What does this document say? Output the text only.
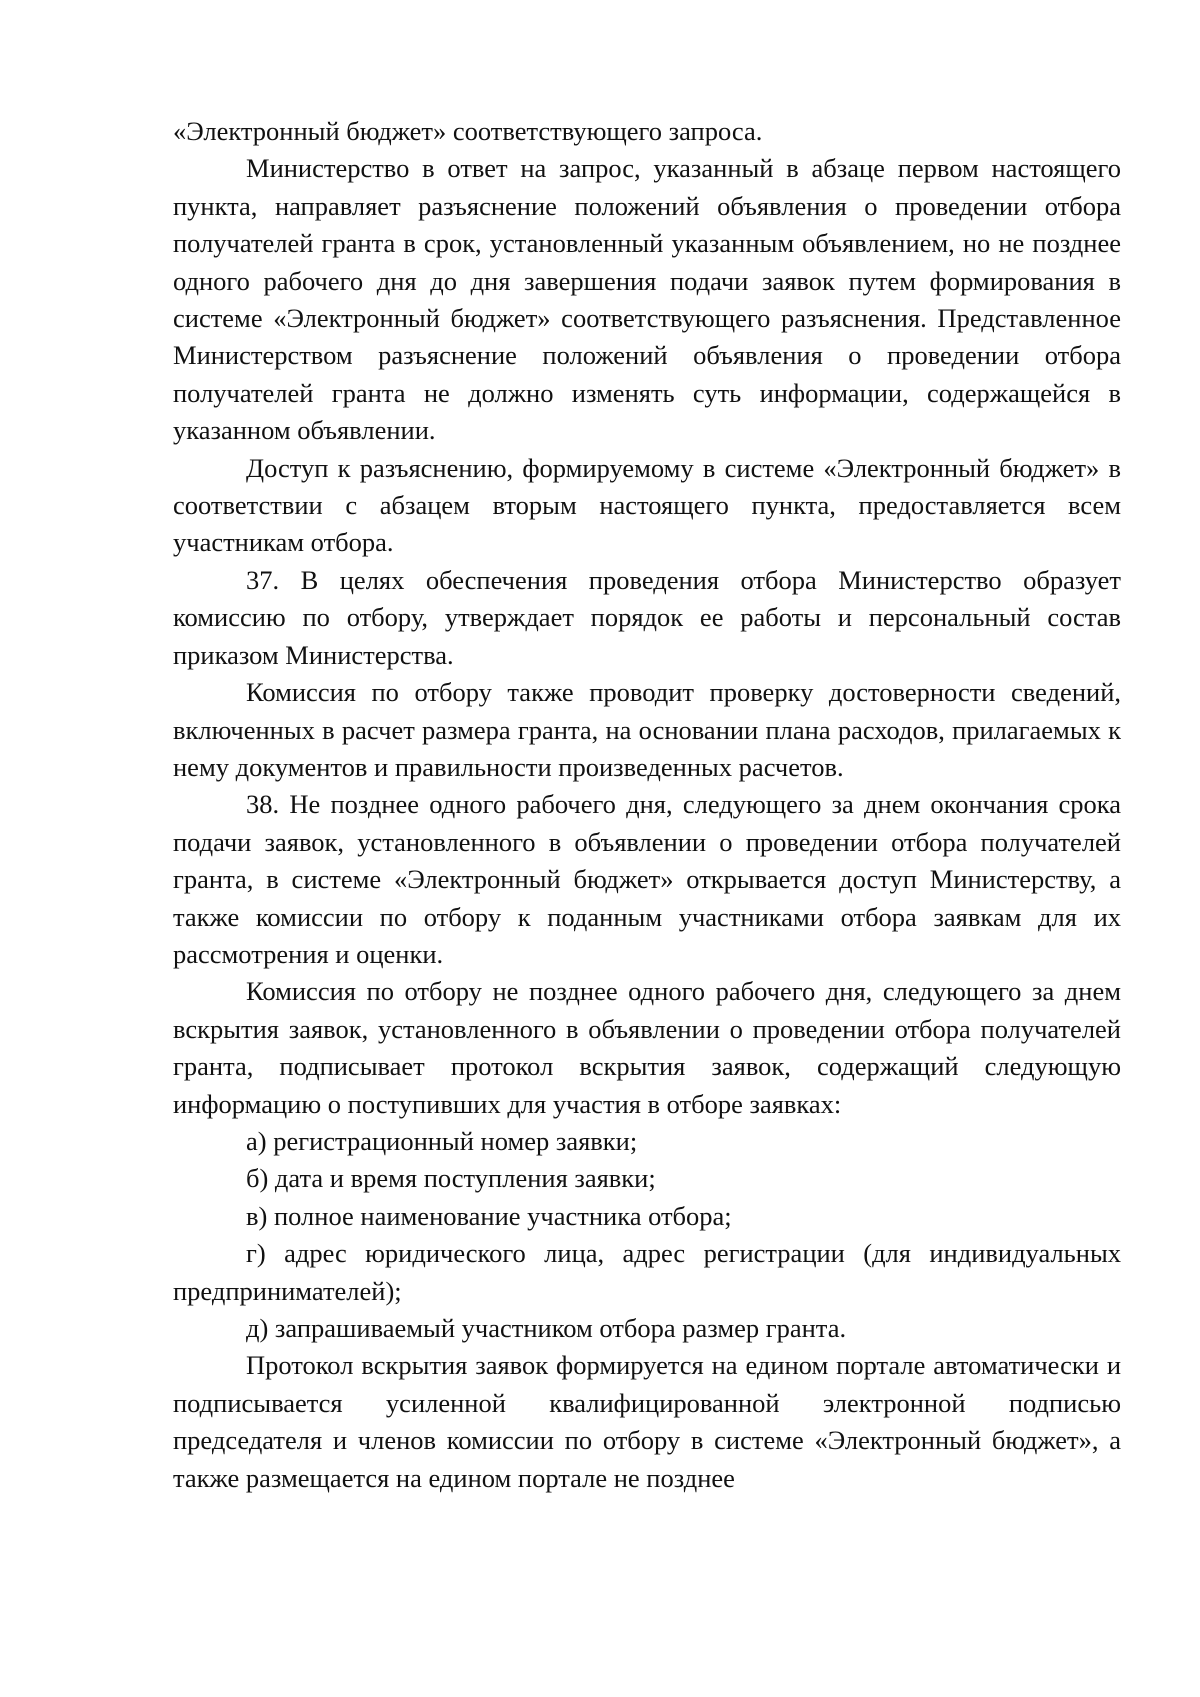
«Электронный бюджет» соответствующего запроса.

Министерство в ответ на запрос, указанный в абзаце первом настоящего пункта, направляет разъяснение положений объявления о проведении отбора получателей гранта в срок, установленный указанным объявлением, но не позднее одного рабочего дня до дня завершения подачи заявок путем формирования в системе «Электронный бюджет» соответствующего разъяснения. Представленное Министерством разъяснение положений объявления о проведении отбора получателей гранта не должно изменять суть информации, содержащейся в указанном объявлении.

Доступ к разъяснению, формируемому в системе «Электронный бюджет» в соответствии с абзацем вторым настоящего пункта, предоставляется всем участникам отбора.

37. В целях обеспечения проведения отбора Министерство образует комиссию по отбору, утверждает порядок ее работы и персональный состав приказом Министерства.

Комиссия по отбору также проводит проверку достоверности сведений, включенных в расчет размера гранта, на основании плана расходов, прилагаемых к нему документов и правильности произведенных расчетов.

38. Не позднее одного рабочего дня, следующего за днем окончания срока подачи заявок, установленного в объявлении о проведении отбора получателей гранта, в системе «Электронный бюджет» открывается доступ Министерству, а также комиссии по отбору к поданным участниками отбора заявкам для их рассмотрения и оценки.

Комиссия по отбору не позднее одного рабочего дня, следующего за днем вскрытия заявок, установленного в объявлении о проведении отбора получателей гранта, подписывает протокол вскрытия заявок, содержащий следующую информацию о поступивших для участия в отборе заявках:

а) регистрационный номер заявки;

б) дата и время поступления заявки;

в) полное наименование участника отбора;

г) адрес юридического лица, адрес регистрации (для индивидуальных предпринимателей);

д) запрашиваемый участником отбора размер гранта.

Протокол вскрытия заявок формируется на едином портале автоматически и подписывается усиленной квалифицированной электронной подписью председателя и членов комиссии по отбору в системе «Электронный бюджет», а также размещается на едином портале не позднее
